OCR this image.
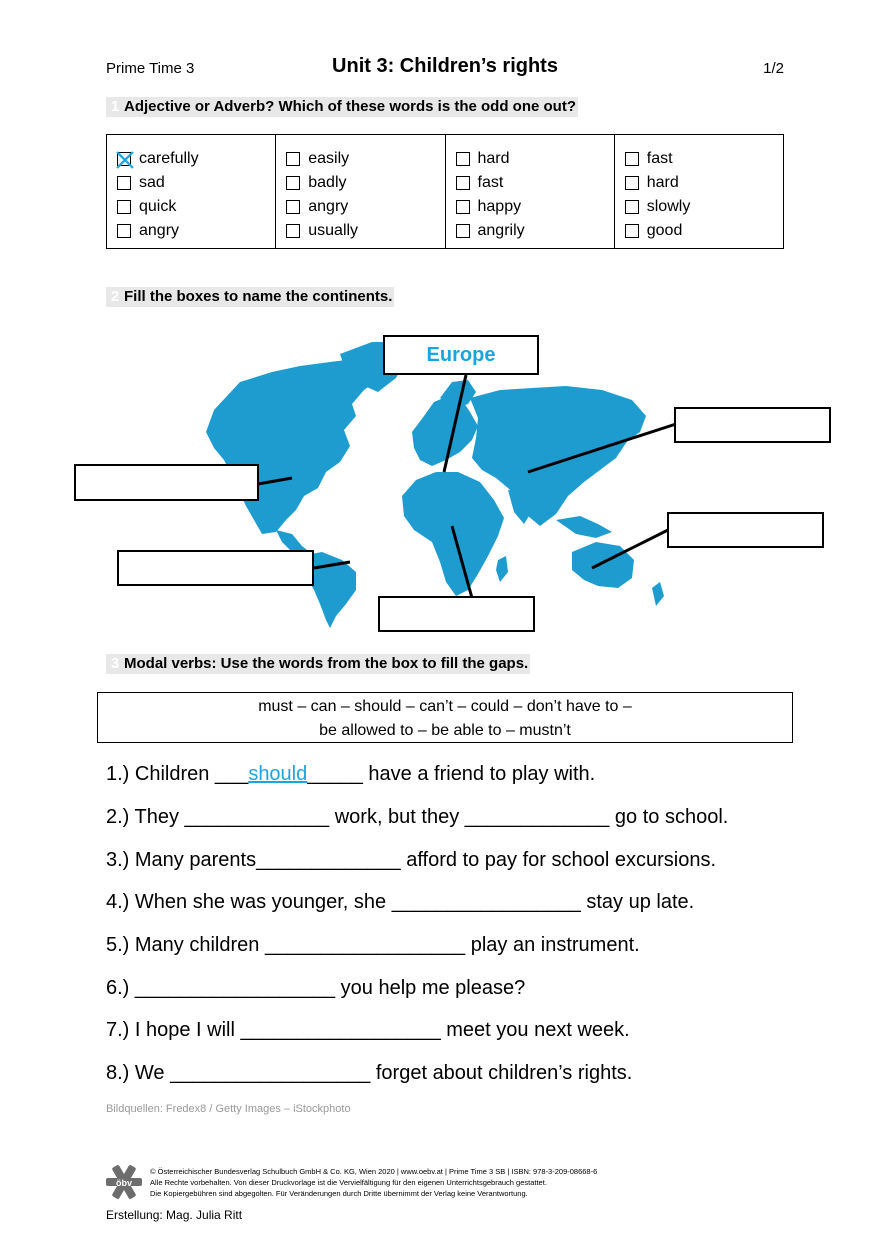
Prime Time 3	Unit 3: Children’s rights	1/2
1 Adjective or Adverb? Which of these words is the odd one out?
carefully
sad
quick
angry
easily
badly
angry
usually
hard
fast
happy
angrily
fast
hard
slowly
good
2 Fill the boxes to name the continents.
Europe
3 Modal verbs: Use the words from the box to fill the gaps.
must – can – should – can’t – could – don’t have to –
be allowed to – be able to – mustn’t
1.) Children ___should_____ have a friend to play with.
2.) They _____________ work, but they _____________ go to school.
3.) Many parents_____________ afford to pay for school excursions.
4.) When she was younger, she _________________ stay up late.
5.) Many children __________________ play an instrument.
6.) __________________ you help me please?
7.) I hope I will __________________ meet you next week.
8.) We __________________ forget about children’s rights.
Bildquellen: Fredex8 / Getty Images – iStockphoto
öbv
© Österreichischer Bundesverlag Schulbuch GmbH & Co. KG, Wien 2020 | www.oebv.at | Prime Time 3 SB | ISBN: 978-3-209-08668-6
Alle Rechte vorbehalten. Von dieser Druckvorlage ist die Vervielfältigung für den eigenen Unterrichtsgebrauch gestattet.
Die Kopiergebühren sind abgegolten. Für Veränderungen durch Dritte übernimmt der Verlag keine Verantwortung.
Erstellung: Mag. Julia Ritt
